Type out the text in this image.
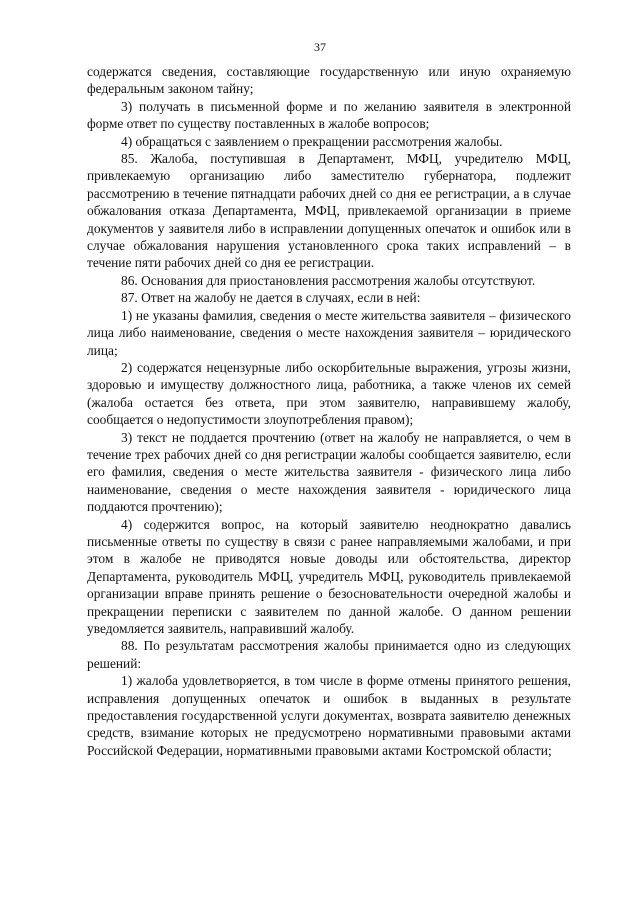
37

содержатся сведения, составляющие государственную или иную охраняемую федеральным законом тайну;

3) получать в письменной форме и по желанию заявителя в электронной форме ответ по существу поставленных в жалобе вопросов;

4) обращаться с заявлением о прекращении рассмотрения жалобы.

85. Жалоба, поступившая в Департамент, МФЦ, учредителю МФЦ, привлекаемую организацию либо заместителю губернатора, подлежит рассмотрению в течение пятнадцати рабочих дней со дня ее регистрации, а в случае обжалования отказа Департамента, МФЦ, привлекаемой организации в приеме документов у заявителя либо в исправлении допущенных опечаток и ошибок или в случае обжалования нарушения установленного срока таких исправлений – в течение пяти рабочих дней со дня ее регистрации.

86. Основания для приостановления рассмотрения жалобы отсутствуют.

87. Ответ на жалобу не дается в случаях, если в ней:

1) не указаны фамилия, сведения о месте жительства заявителя – физического лица либо наименование, сведения о месте нахождения заявителя – юридического лица;

2) содержатся нецензурные либо оскорбительные выражения, угрозы жизни, здоровью и имуществу должностного лица, работника, а также членов их семей (жалоба остается без ответа, при этом заявителю, направившему жалобу, сообщается о недопустимости злоупотребления правом);

3) текст не поддается прочтению (ответ на жалобу не направляется, о чем в течение трех рабочих дней со дня регистрации жалобы сообщается заявителю, если его фамилия, сведения о месте жительства заявителя - физического лица либо наименование, сведения о месте нахождения заявителя - юридического лица поддаются прочтению);

4) содержится вопрос, на который заявителю неоднократно давались письменные ответы по существу в связи с ранее направляемыми жалобами, и при этом в жалобе не приводятся новые доводы или обстоятельства, директор Департамента, руководитель МФЦ, учредитель МФЦ, руководитель привлекаемой организации вправе принять решение о безосновательности очередной жалобы и прекращении переписки с заявителем по данной жалобе. О данном решении уведомляется заявитель, направивший жалобу.

88. По результатам рассмотрения жалобы принимается одно из следующих решений:

1) жалоба удовлетворяется, в том числе в форме отмены принятого решения, исправления допущенных опечаток и ошибок в выданных в результате предоставления государственной услуги документах, возврата заявителю денежных средств, взимание которых не предусмотрено нормативными правовыми актами Российской Федерации, нормативными правовыми актами Костромской области;
